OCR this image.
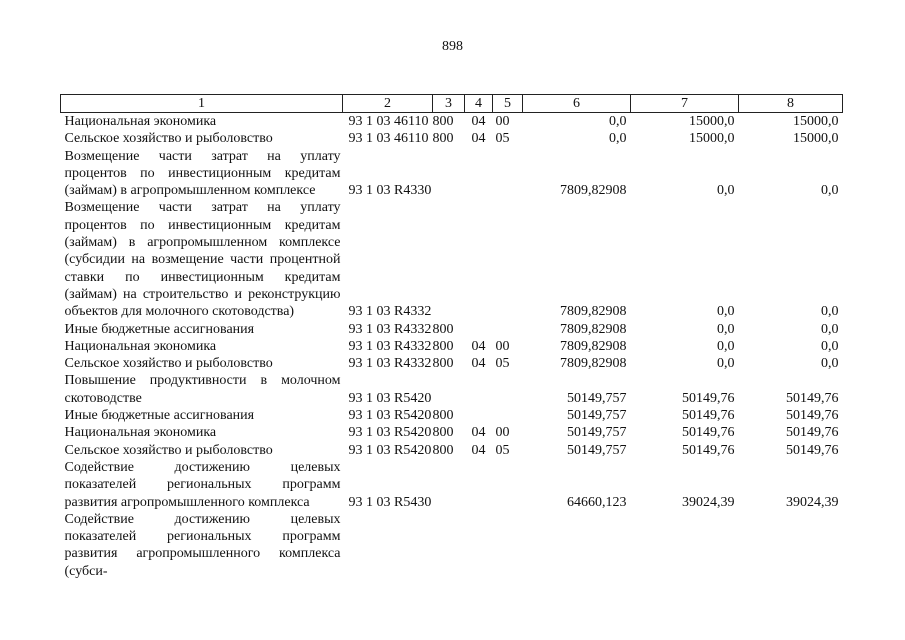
898
1	2	3	4	5	6	7	8
Национальная экономика	93 1 03 46110	800	04	00	0,0	15000,0	15000,0
Сельское хозяйство и рыболовство	93 1 03 46110	800	04	05	0,0	15000,0	15000,0
Возмещение части затрат на уплату процентов по инвестиционным кредитам (займам) в агропромышленном комплексе	93 1 03 R4330				7809,82908	0,0	0,0
Возмещение части затрат на уплату процентов по инвестиционным кредитам (займам) в агропромышленном комплексе (субсидии на возмещение части процентной ставки по инвестиционным кредитам (займам) на строительство и реконструкцию объектов для молочного скотоводства)	93 1 03 R4332				7809,82908	0,0	0,0
Иные бюджетные ассигнования	93 1 03 R4332	800			7809,82908	0,0	0,0
Национальная экономика	93 1 03 R4332	800	04	00	7809,82908	0,0	0,0
Сельское хозяйство и рыболовство	93 1 03 R4332	800	04	05	7809,82908	0,0	0,0
Повышение продуктивности в молочном скотоводстве	93 1 03 R5420				50149,757	50149,76	50149,76
Иные бюджетные ассигнования	93 1 03 R5420	800			50149,757	50149,76	50149,76
Национальная экономика	93 1 03 R5420	800	04	00	50149,757	50149,76	50149,76
Сельское хозяйство и рыболовство	93 1 03 R5420	800	04	05	50149,757	50149,76	50149,76
Содействие достижению целевых показателей региональных программ развития агропромышленного комплекса	93 1 03 R5430				64660,123	39024,39	39024,39
Содействие достижению целевых показателей региональных программ развития агропромышленного комплекса (субси-							
